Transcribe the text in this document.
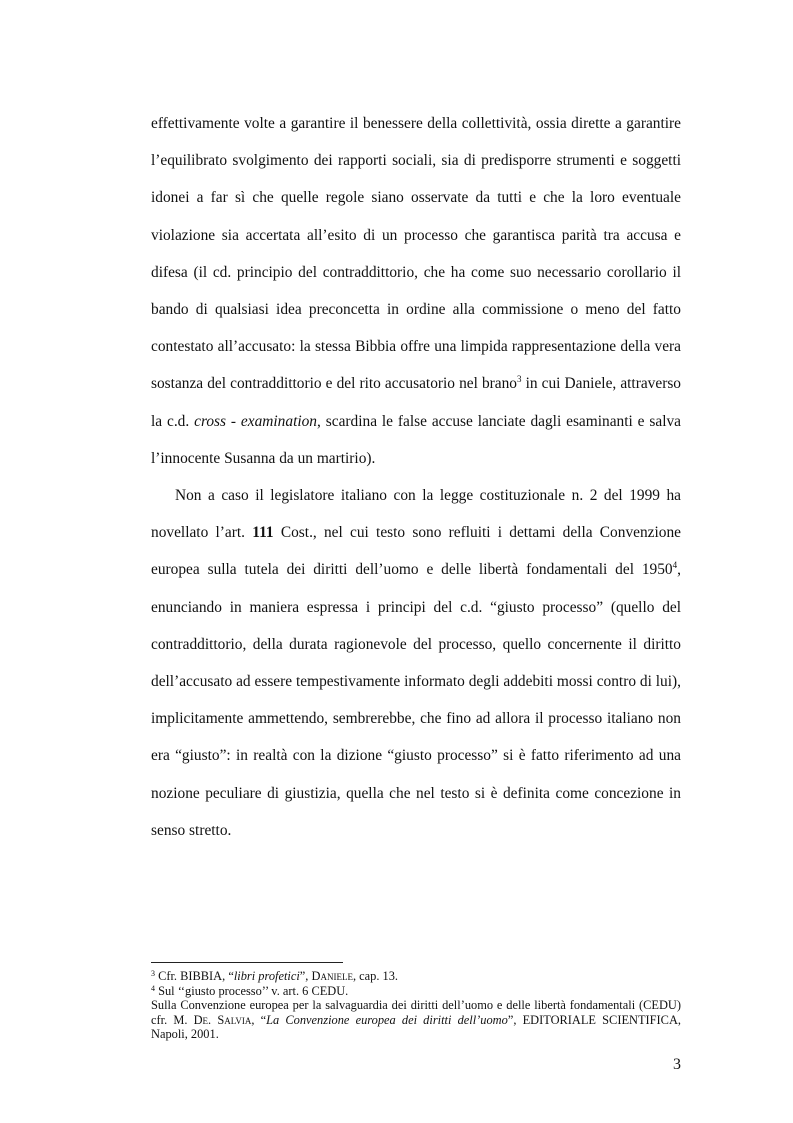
effettivamente volte a garantire il benessere della collettività, ossia dirette a garantire l’equilibrato svolgimento dei rapporti sociali, sia di predisporre strumenti e soggetti idonei a far sì che quelle regole siano osservate da tutti e che la loro eventuale violazione sia accertata all’esito di un processo che garantisca parità tra accusa e difesa (il cd. principio del contraddittorio, che ha come suo necessario corollario il bando di qualsiasi idea preconcetta in ordine alla commissione o meno del fatto contestato all’accusato: la stessa Bibbia offre una limpida rappresentazione della vera sostanza del contraddittorio e del rito accusatorio nel brano$^3$ in cui Daniele, attraverso la c.d. cross - examination, scardina le false accuse lanciate dagli esaminanti e salva l’innocente Susanna da un martirio).

Non a caso il legislatore italiano con la legge costituzionale n. 2 del 1999 ha novellato l’art. 111 Cost., nel cui testo sono refluiti i dettami della Convenzione europea sulla tutela dei diritti dell’uomo e delle libertà fondamentali del 1950$^4$, enunciando in maniera espressa i principi del c.d. “giusto processo” (quello del contraddittorio, della durata ragionevole del processo, quello concernente il diritto dell’accusato ad essere tempestivamente informato degli addebiti mossi contro di lui), implicitamente ammettendo, sembrerebbe, che fino ad allora il processo italiano non era “giusto”: in realtà con la dizione “giusto processo” si è fatto riferimento ad una nozione peculiare di giustizia, quella che nel testo si è definita come concezione in senso stretto.

$^3$ Cfr. BIBBIA, “libri profetici”, Daniele, cap. 13.

$^4$ Sul ‘‘giusto processo’’ v. art. 6 CEDU.

Sulla Convenzione europea per la salvaguardia dei diritti dell’uomo e delle libertà fondamentali (CEDU) cfr. M. De. Salvia, “La Convenzione europea dei diritti dell’uomo”, EDITORIALE SCIENTIFICA, Napoli, 2001.

3
